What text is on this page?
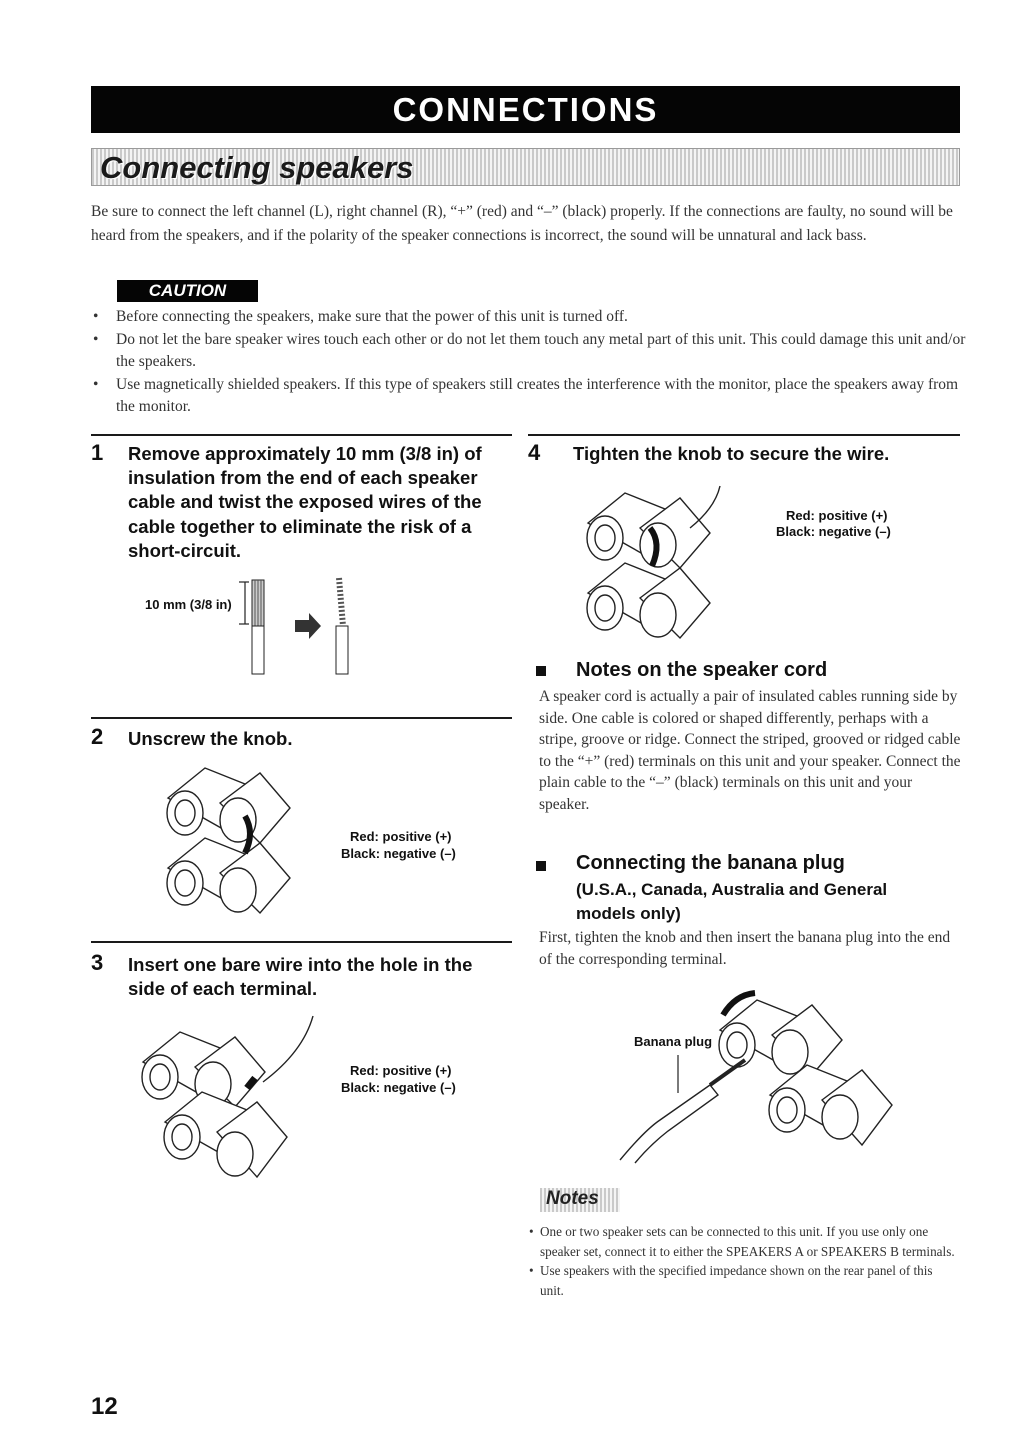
CONNECTIONS
Connecting speakers
Be sure to connect the left channel (L), right channel (R), “+” (red) and “–” (black) properly. If the connections are faulty, no sound will be heard from the speakers, and if the polarity of the speaker connections is incorrect, the sound will be unnatural and lack bass.
CAUTION
• Before connecting the speakers, make sure that the power of this unit is turned off.
• Do not let the bare speaker wires touch each other or do not let them touch any metal part of this unit. This could damage this unit and/or the speakers.
• Use magnetically shielded speakers. If this type of speakers still creates the interference with the monitor, place the speakers away from the monitor.
1 Remove approximately 10 mm (3/8 in) of insulation from the end of each speaker cable and twist the exposed wires of the cable together to eliminate the risk of a short-circuit.
10 mm (3/8 in)
2 Unscrew the knob.
Red: positive (+)
Black: negative (–)
3 Insert one bare wire into the hole in the side of each terminal.
Red: positive (+)
Black: negative (–)
4 Tighten the knob to secure the wire.
Red: positive (+)
Black: negative (–)
Notes on the speaker cord
A speaker cord is actually a pair of insulated cables running side by side. One cable is colored or shaped differently, perhaps with a stripe, groove or ridge. Connect the striped, grooved or ridged cable to the “+” (red) terminals on this unit and your speaker. Connect the plain cable to the “–” (black) terminals on this unit and your speaker.
Connecting the banana plug
(U.S.A., Canada, Australia and General models only)
First, tighten the knob and then insert the banana plug into the end of the corresponding terminal.
Banana plug
Notes
• One or two speaker sets can be connected to this unit. If you use only one speaker set, connect it to either the SPEAKERS A or SPEAKERS B terminals.
• Use speakers with the specified impedance shown on the rear panel of this unit.
12
